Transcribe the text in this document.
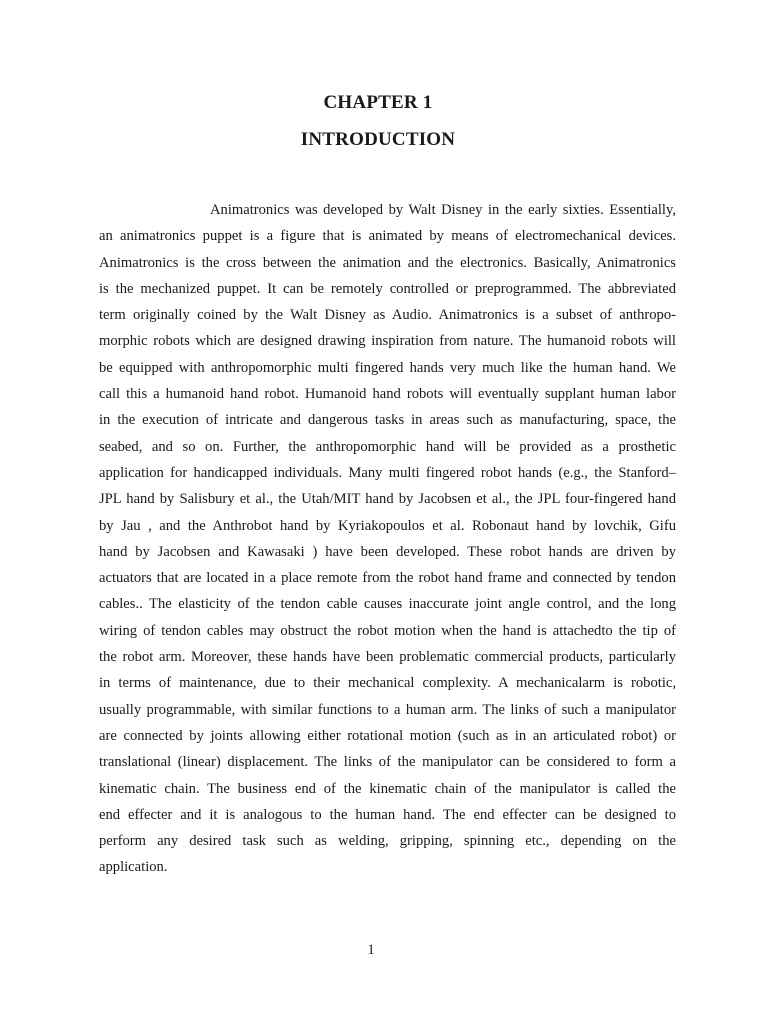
CHAPTER 1
INTRODUCTION
Animatronics was developed by Walt Disney in the early sixties. Essentially,
an animatronics puppet is a figure that is animated by means of electromechanical devices.
Animatronics is the cross between the animation and the electronics. Basically, Animatronics
is the mechanized puppet. It can be remotely controlled or preprogrammed. The abbreviated
term originally coined by the Walt Disney as Audio. Animatronics is a subset of anthropo-
morphic robots which are designed drawing inspiration from nature. The humanoid robots will
be equipped with anthropomorphic multi fingered hands very much like the human hand. We
call this a humanoid hand robot. Humanoid hand robots will eventually supplant human labor
in the execution of intricate and dangerous tasks in areas such as manufacturing, space, the
seabed, and so on. Further, the anthropomorphic hand will be provided as a prosthetic
application for handicapped individuals. Many multi fingered robot hands (e.g., the Stanford–
JPL hand by Salisbury et al., the Utah/MIT hand by Jacobsen et al., the JPL four-fingered hand
by Jau , and the Anthrobot hand by Kyriakopoulos et al. Robonaut hand by lovchik, Gifu
hand by Jacobsen and Kawasaki ) have been developed. These robot hands are driven by
actuators that are located in a place remote from the robot hand frame and connected by tendon
cables.. The elasticity of the tendon cable causes inaccurate joint angle control, and the long
wiring of tendon cables may obstruct the robot motion when the hand is attachedto the tip of
the robot arm. Moreover, these hands have been problematic commercial products, particularly
in terms of maintenance, due to their mechanical complexity. A mechanicalarm is robotic,
usually programmable, with similar functions to a human arm. The links of such a manipulator
are connected by joints allowing either rotational motion (such as in an articulated robot) or
translational (linear) displacement. The links of the manipulator can be considered to form a
kinematic chain. The business end of the kinematic chain of the manipulator is called the
end effecter and it is analogous to the human hand. The end effecter can be designed to
perform any desired task such as welding, gripping, spinning etc., depending on the
application.
1
